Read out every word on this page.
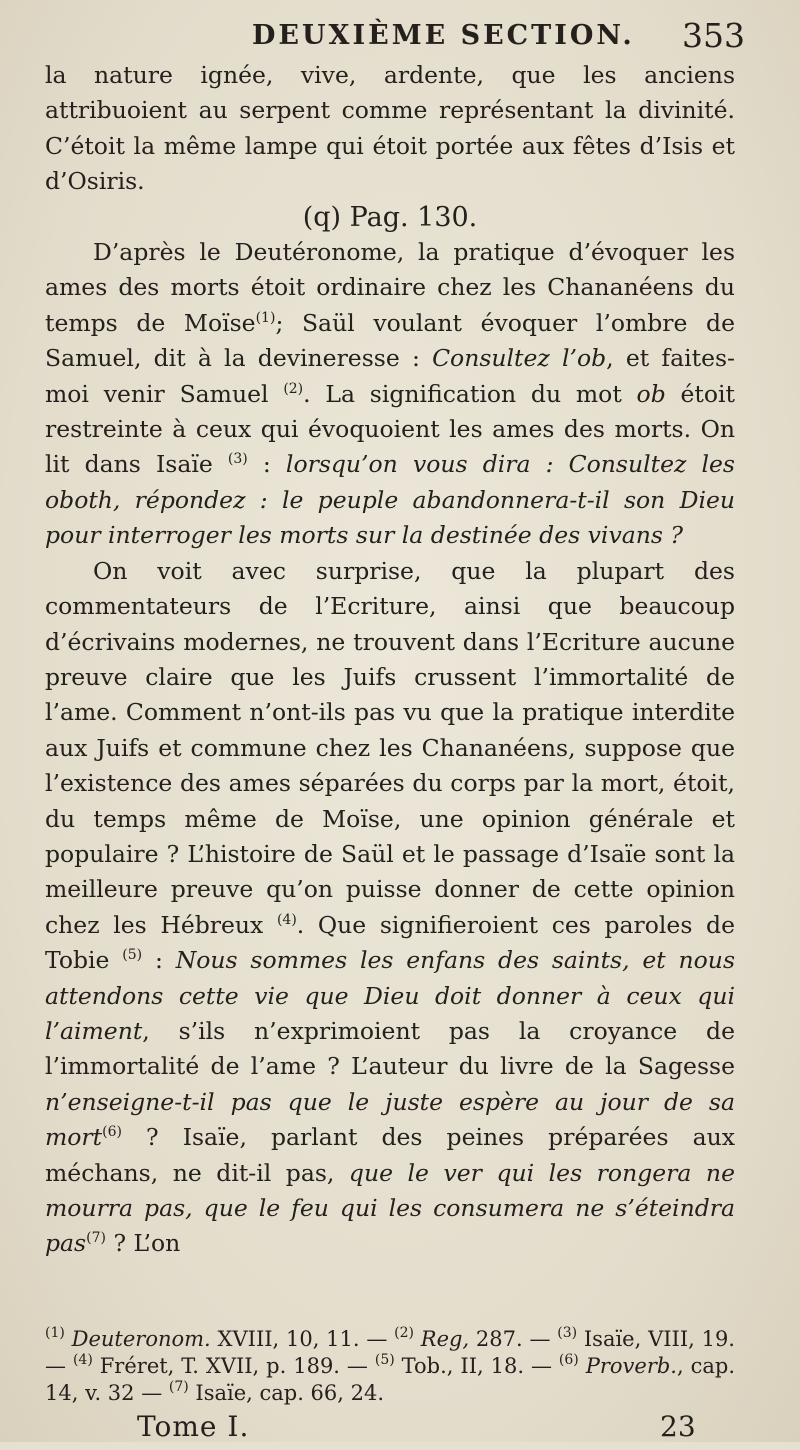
DEUXIÈME SECTION. 353

la nature ignée, vive, ardente, que les anciens attribuoient au serpent comme représentant la divinité. C’étoit la même lampe qui étoit portée aux fêtes d’Isis et d’Osiris.

(q) Pag. 130.

D’après le Deutéronome, la pratique d’évoquer les ames des morts étoit ordinaire chez les Chananéens du temps de Moïse$^{(1)}$; Saül voulant évoquer l’ombre de Samuel, dit à la devineresse : Consultez l’ob, et faites-moi venir Samuel $^{(2)}$. La signification du mot ob étoit restreinte à ceux qui évoquoient les ames des morts. On lit dans Isaïe $^{(3)}$ : lorsqu’on vous dira : Consultez les oboth, répondez : le peuple abandonnera-t-il son Dieu pour interroger les morts sur la destinée des vivans ?

On voit avec surprise, que la plupart des commentateurs de l’Ecriture, ainsi que beaucoup d’écrivains modernes, ne trouvent dans l’Ecriture aucune preuve claire que les Juifs crussent l’immortalité de l’ame. Comment n’ont-ils pas vu que la pratique interdite aux Juifs et commune chez les Chananéens, suppose que l’existence des ames séparées du corps par la mort, étoit, du temps même de Moïse, une opinion générale et populaire ? L’histoire de Saül et le passage d’Isaïe sont la meilleure preuve qu’on puisse donner de cette opinion chez les Hébreux $^{(4)}$. Que signifieroient ces paroles de Tobie $^{(5)}$ : Nous sommes les enfans des saints, et nous attendons cette vie que Dieu doit donner à ceux qui l’aiment, s’ils n’exprimoient pas la croyance de l’immortalité de l’ame ? L’auteur du livre de la Sagesse n’enseigne-t-il pas que le juste espère au jour de sa mort$^{(6)}$ ? Isaïe, parlant des peines préparées aux méchans, ne dit-il pas, que le ver qui les rongera ne mourra pas, que le feu qui les consumera ne s’éteindra pas$^{(7)}$ ? L’on

$^{(1)}$ Deuteronom. XVIII, 10, 11. — $^{(2)}$ Reg, 287. — $^{(3)}$ Isaïe, VIII, 19. — $^{(4)}$ Fréret, T. XVII, p. 189. — $^{(5)}$ Tob., II, 18. — $^{(6)}$ Proverb., cap. 14, v. 32 — $^{(7)}$ Isaïe, cap. 66, 24.
Tome I.	23
